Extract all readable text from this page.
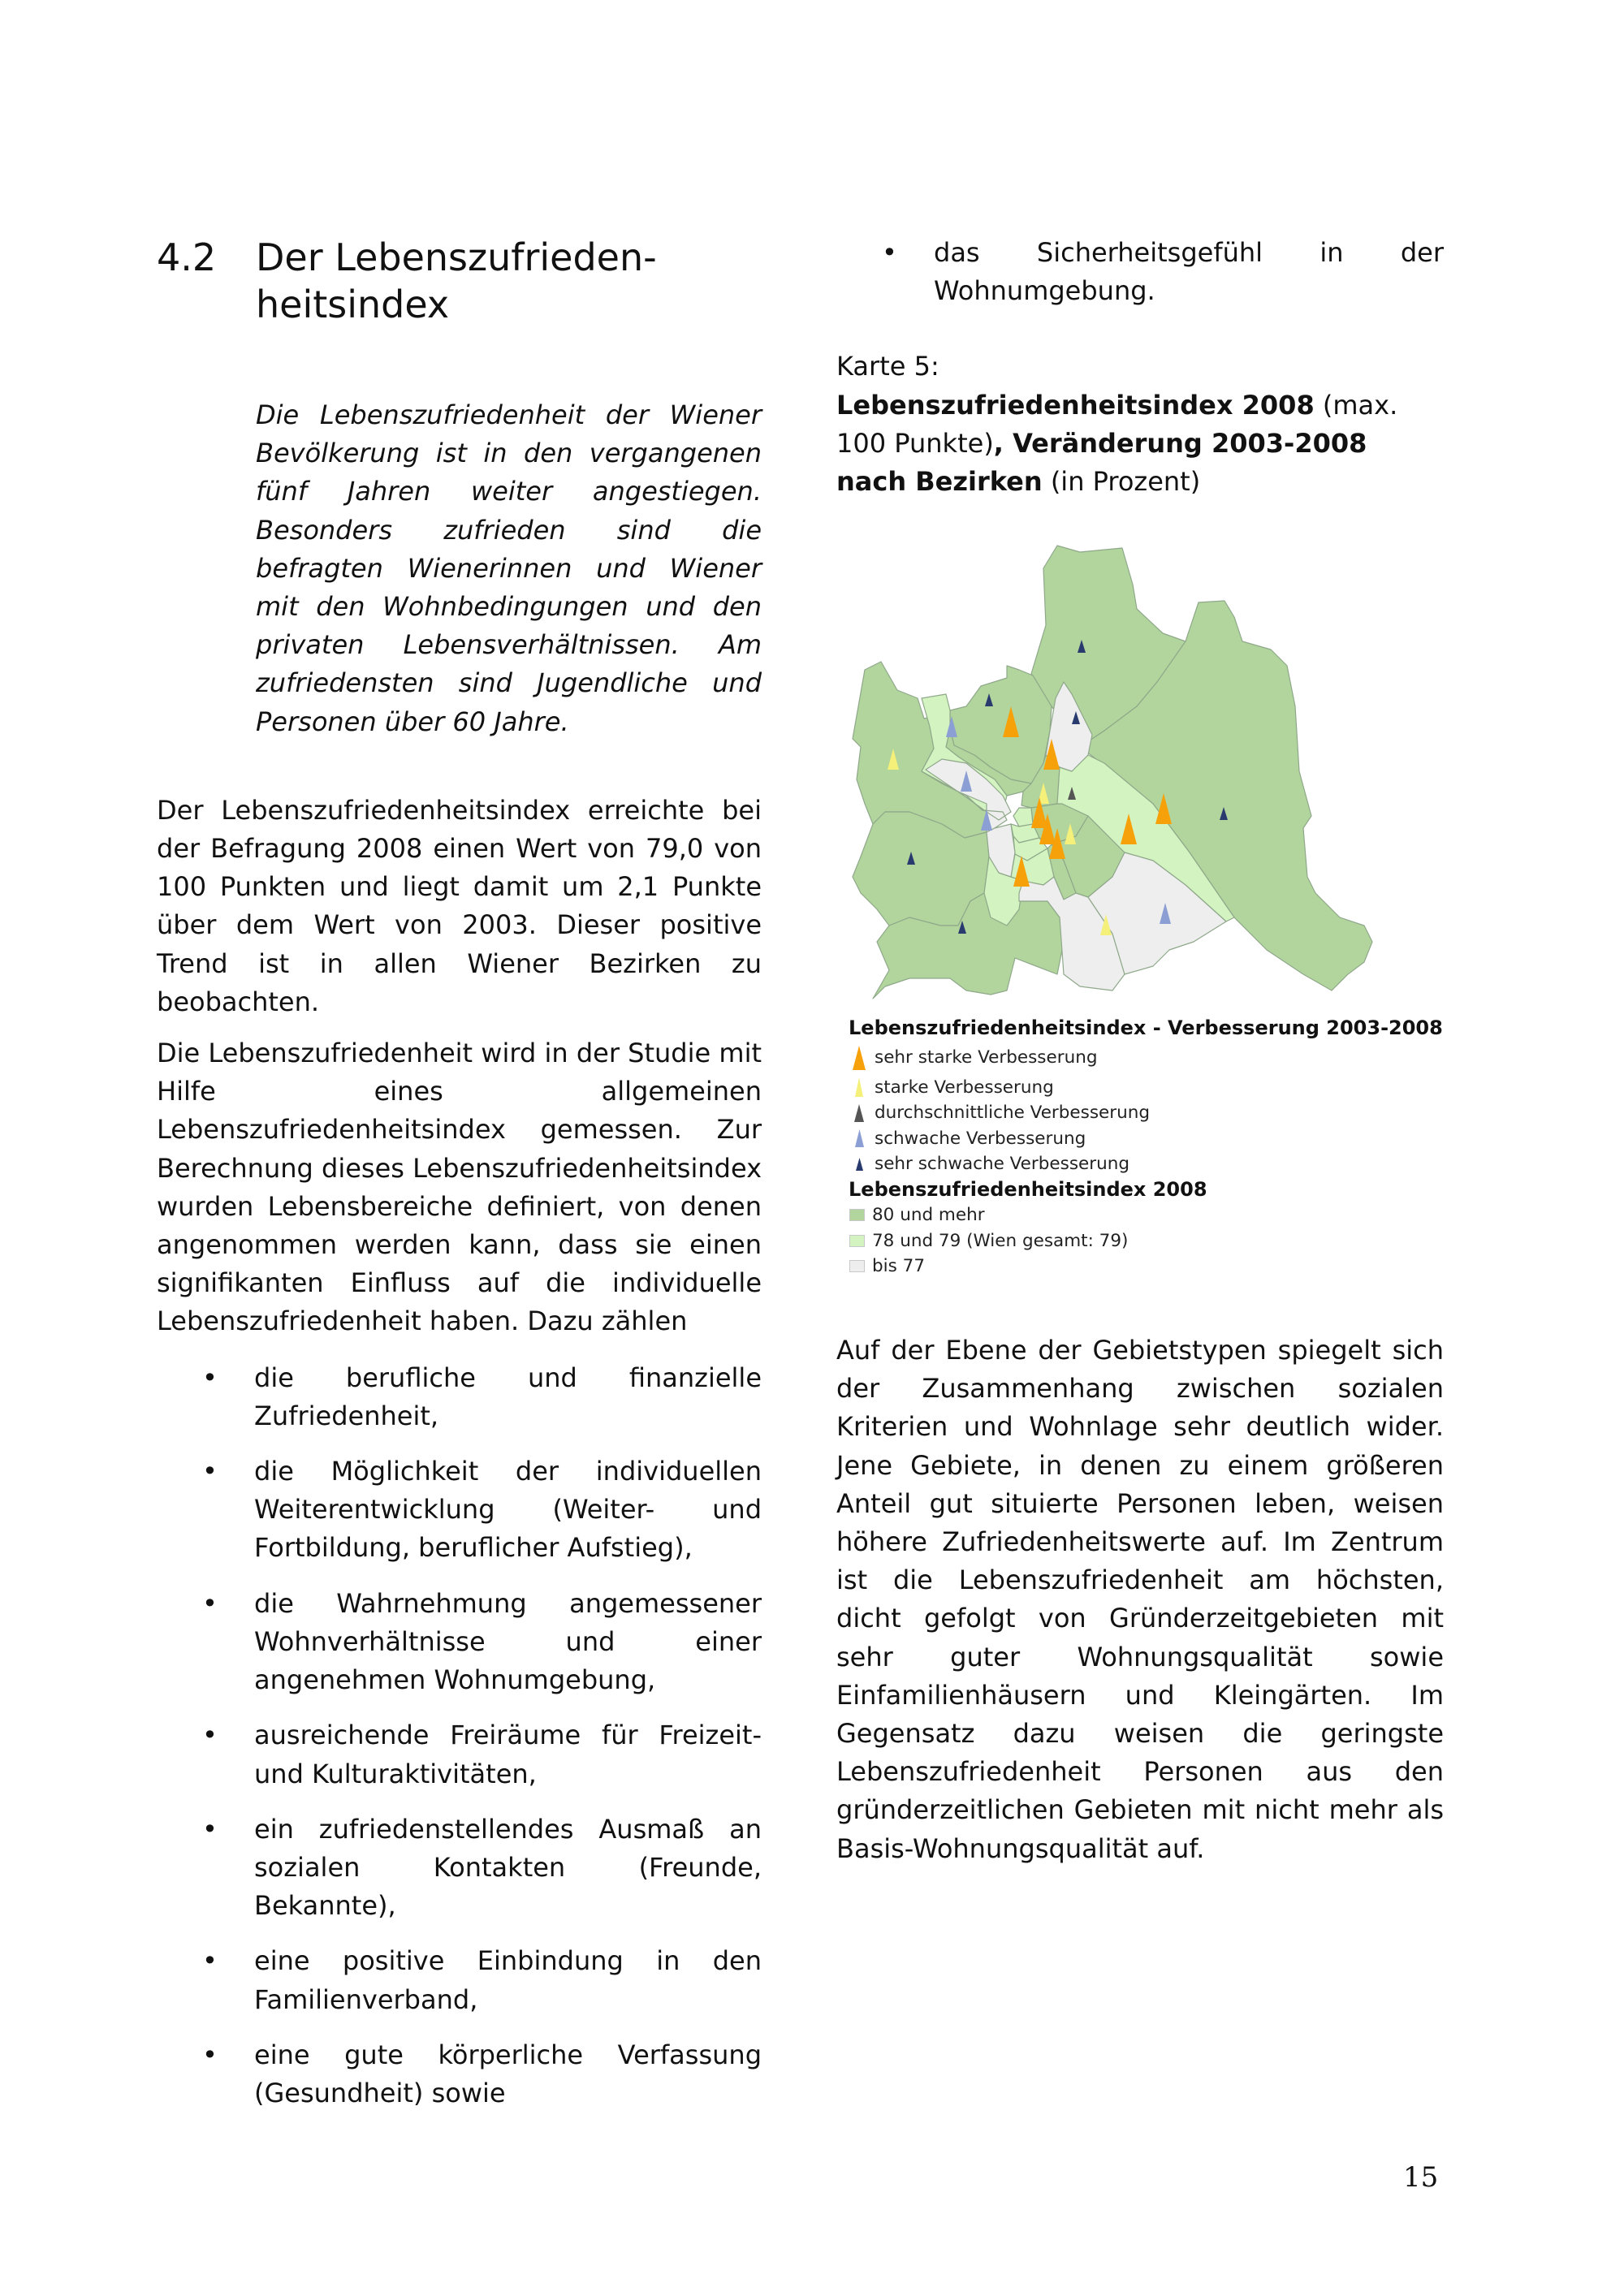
4.2	Der Lebenszufrieden-
heitsindex

Die Lebenszufriedenheit der Wiener Bevölkerung ist in den vergangenen fünf Jahren weiter angestiegen. Besonders zufrieden sind die befragten Wienerinnen und Wiener mit den Wohnbedingungen und den privaten Lebensverhältnissen. Am zufriedensten sind Jugendliche und Personen über 60 Jahre.

Der Lebenszufriedenheitsindex erreichte bei der Befragung 2008 einen Wert von 79,0 von 100 Punkten und liegt damit um 2,1 Punkte über dem Wert von 2003. Dieser positive Trend ist in allen Wiener Bezirken zu beobachten.

Die Lebenszufriedenheit wird in der Studie mit Hilfe eines allgemeinen Lebenszufriedenheitsindex gemessen. Zur Berechnung dieses Lebenszufriedenheitsindex wurden Lebensbereiche definiert, von denen angenommen werden kann, dass sie einen signifikanten Einfluss auf die individuelle Lebenszufriedenheit haben. Dazu zählen

• die berufliche und finanzielle Zufriedenheit,
• die Möglichkeit der individuellen Weiterentwicklung (Weiter- und Fortbildung, beruflicher Aufstieg),
• die Wahrnehmung angemessener Wohnverhältnisse und einer angenehmen Wohnumgebung,
• ausreichende Freiräume für Freizeit- und Kulturaktivitäten,
• ein zufriedenstellendes Ausmaß an sozialen Kontakten (Freunde, Bekannte),
• eine positive Einbindung in den Familienverband,
• eine gute körperliche Verfassung (Gesundheit) sowie
• das Sicherheitsgefühl in der Wohnumgebung.
Karte 5:
Lebenszufriedenheitsindex 2008 (max. 100 Punkte), Veränderung 2003-2008 nach Bezirken (in Prozent)
Lebenszufriedenheitsindex - Verbesserung 2003-2008
sehr starke Verbesserung
starke Verbesserung
durchschnittliche Verbesserung
schwache Verbesserung
sehr schwache Verbesserung
Lebenszufriedenheitsindex 2008
80 und mehr
78 und 79 (Wien gesamt: 79)
bis 77

Auf der Ebene der Gebietstypen spiegelt sich der Zusammenhang zwischen sozialen Kriterien und Wohnlage sehr deutlich wider. Jene Gebiete, in denen zu einem größeren Anteil gut situierte Personen leben, weisen höhere Zufriedenheitswerte auf. Im Zentrum ist die Lebenszufriedenheit am höchsten, dicht gefolgt von Gründerzeitgebieten mit sehr guter Wohnungsqualität sowie Einfamilienhäusern und Kleingärten. Im Gegensatz dazu weisen die geringste Lebenszufriedenheit Personen aus den gründerzeitlichen Gebieten mit nicht mehr als Basis-Wohnungsqualität auf.

15
